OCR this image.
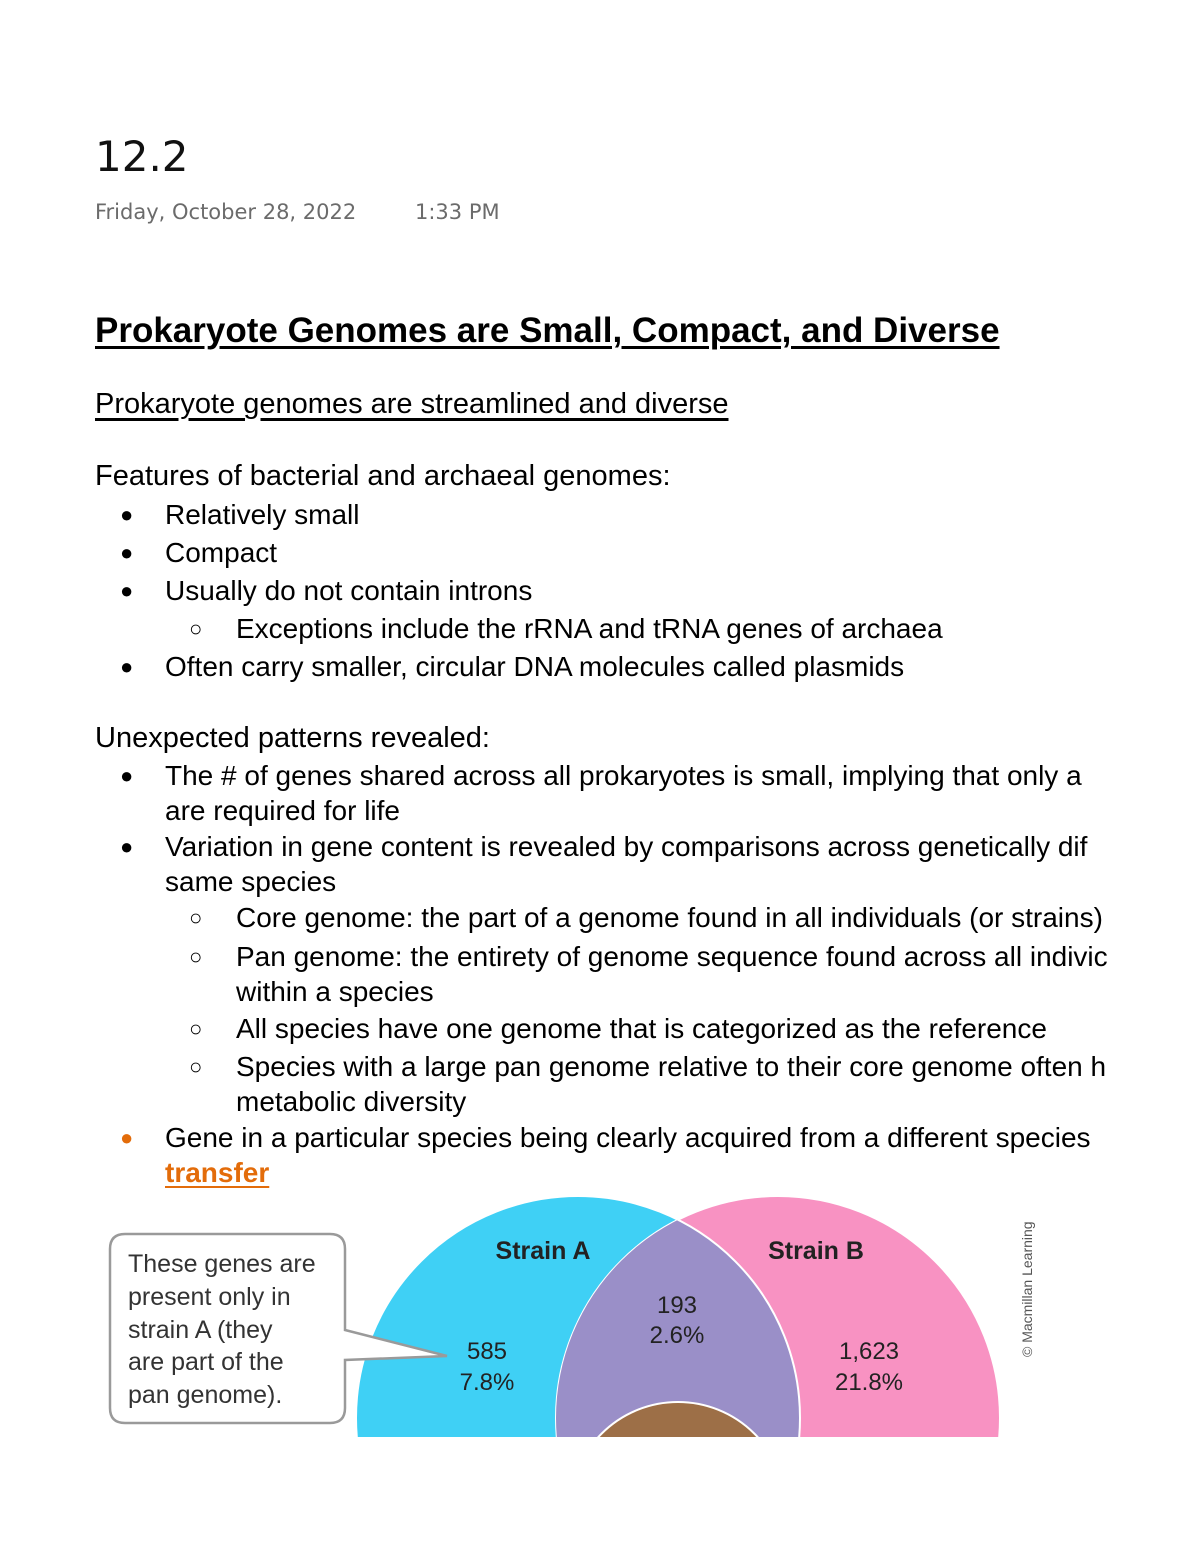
12.2
Friday, October 28, 2022	1:33 PM
Prokaryote Genomes are Small, Compact, and Diverse
Prokaryote genomes are streamlined and diverse
Features of bacterial and archaeal genomes:
● Relatively small
● Compact
● Usually do not contain introns
○ Exceptions include the rRNA and tRNA genes of archaea
● Often carry smaller, circular DNA molecules called plasmids
Unexpected patterns revealed:
● The # of genes shared across all prokaryotes is small, implying that only a
are required for life
● Variation in gene content is revealed by comparisons across genetically dif
same species
○ Core genome: the part of a genome found in all individuals (or strains)
○ Pan genome: the entirety of genome sequence found across all indivic
within a species
○ All species have one genome that is categorized as the reference
○ Species with a large pan genome relative to their core genome often h
metabolic diversity
● Gene in a particular species being clearly acquired from a different species
transfer
Strain A	Strain B
193
2.6%
585
7.8%
1,623
21.8%
These genes are present only in strain A (they are part of the pan genome).
© Macmillan Learning
